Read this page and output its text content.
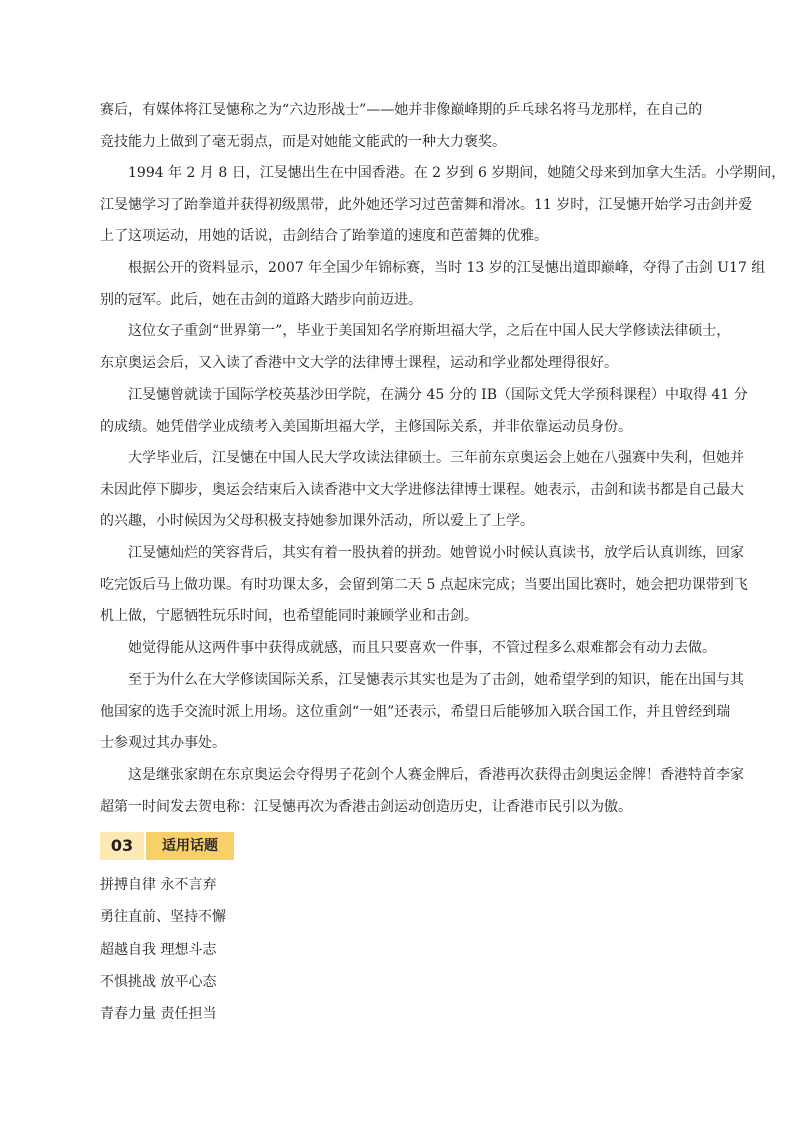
赛后，有媒体将江旻憓称之为“六边形战士”——她并非像巅峰期的乒乓球名将马龙那样，在自己的
竞技能力上做到了毫无弱点，而是对她能文能武的一种大力褒奖。

　　1994 年 2 月 8 日，江旻憓出生在中国香港。在 2 岁到 6 岁期间，她随父母来到加拿大生活。小学期间，
江旻憓学习了跆拳道并获得初级黑带，此外她还学习过芭蕾舞和滑冰。11 岁时，江旻憓开始学习击剑并爱
上了这项运动，用她的话说，击剑结合了跆拳道的速度和芭蕾舞的优雅。

　　根据公开的资料显示，2007 年全国少年锦标赛，当时 13 岁的江旻憓出道即巅峰，夺得了击剑 U17 组
别的冠军。此后，她在击剑的道路大踏步向前迈进。

　　这位女子重剑“世界第一”，毕业于美国知名学府斯坦福大学，之后在中国人民大学修读法律硕士，
东京奥运会后，又入读了香港中文大学的法律博士课程，运动和学业都处理得很好。

　　江旻憓曾就读于国际学校英基沙田学院，在满分 45 分的 IB（国际文凭大学预科课程）中取得 41 分
的成绩。她凭借学业成绩考入美国斯坦福大学，主修国际关系，并非依靠运动员身份。

　　大学毕业后，江旻憓在中国人民大学攻读法律硕士。三年前东京奥运会上她在八强赛中失利，但她并
未因此停下脚步，奥运会结束后入读香港中文大学进修法律博士课程。她表示，击剑和读书都是自己最大
的兴趣，小时候因为父母积极支持她参加课外活动，所以爱上了上学。

　　江旻憓灿烂的笑容背后，其实有着一股执着的拼劲。她曾说小时候认真读书，放学后认真训练，回家
吃完饭后马上做功课。有时功课太多，会留到第二天 5 点起床完成；当要出国比赛时，她会把功课带到飞
机上做，宁愿牺牲玩乐时间，也希望能同时兼顾学业和击剑。

　　她觉得能从这两件事中获得成就感，而且只要喜欢一件事，不管过程多么艰难都会有动力去做。

　　至于为什么在大学修读国际关系，江旻憓表示其实也是为了击剑，她希望学到的知识，能在出国与其
他国家的选手交流时派上用场。这位重剑“一姐”还表示，希望日后能够加入联合国工作，并且曾经到瑞
士参观过其办事处。

　　这是继张家朗在东京奥运会夺得男子花剑个人赛金牌后，香港再次获得击剑奥运金牌！香港特首李家
超第一时间发去贺电称：江旻憓再次为香港击剑运动创造历史，让香港市民引以为傲。

03	适用话题
拼搏自律 永不言弃
勇往直前、坚持不懈
超越自我 理想斗志
不惧挑战 放平心态
青春力量 责任担当
